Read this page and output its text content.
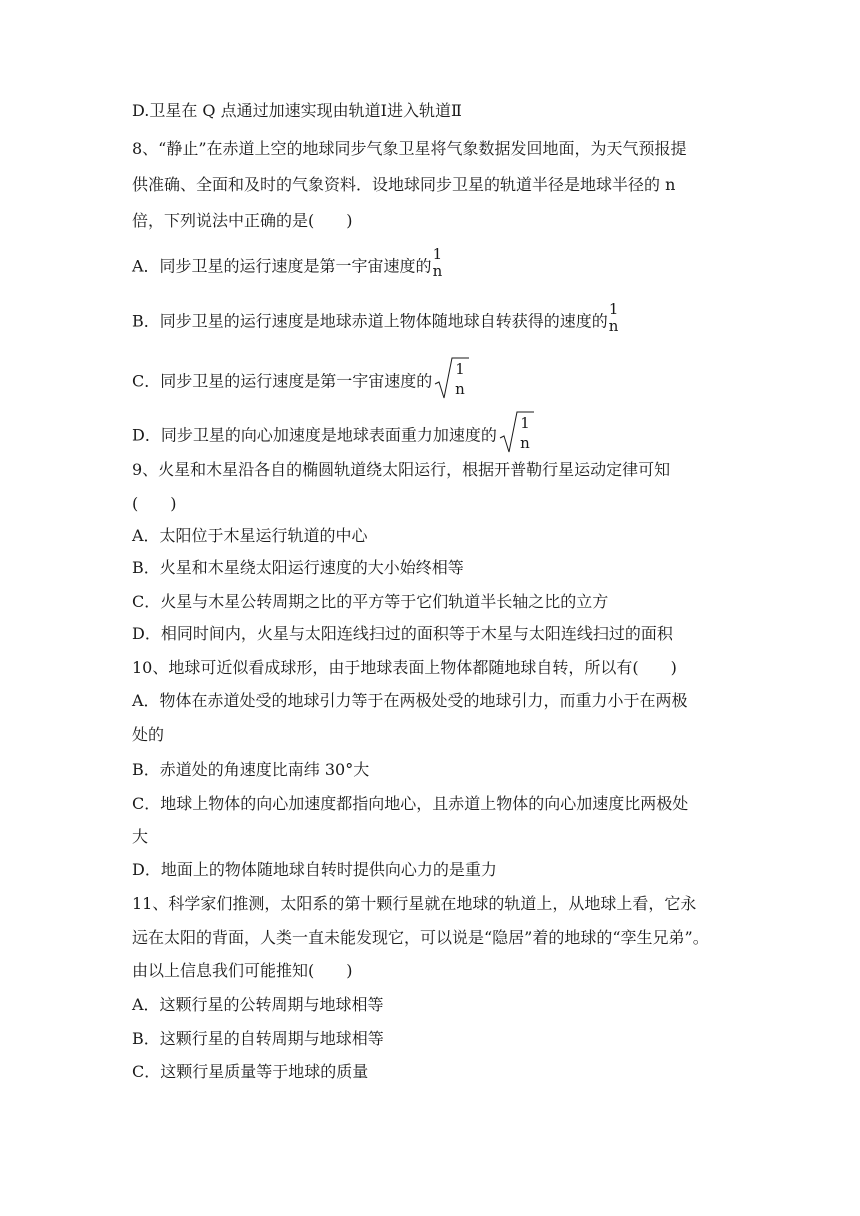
D.卫星在 Q 点通过加速实现由轨道Ⅰ进入轨道Ⅱ
8、“静止”在赤道上空的地球同步气象卫星将气象数据发回地面，为天气预报提
供准确、全面和及时的气象资料．设地球同步卫星的轨道半径是地球半径的 n
倍，下列说法中正确的是(　　)
A．同步卫星的运行速度是第一宇宙速度的
1
n
B．同步卫星的运行速度是地球赤道上物体随地球自转获得的速度的
1
n
C．同步卫星的运行速度是第一宇宙速度的
1
n
D．同步卫星的向心加速度是地球表面重力加速度的
1
n
9、火星和木星沿各自的椭圆轨道绕太阳运行，根据开普勒行星运动定律可知
(　　)
A．太阳位于木星运行轨道的中心
B．火星和木星绕太阳运行速度的大小始终相等
C．火星与木星公转周期之比的平方等于它们轨道半长轴之比的立方
D．相同时间内，火星与太阳连线扫过的面积等于木星与太阳连线扫过的面积
10、地球可近似看成球形，由于地球表面上物体都随地球自转，所以有(　　)
A．物体在赤道处受的地球引力等于在两极处受的地球引力，而重力小于在两极
处的
B．赤道处的角速度比南纬 30°大
C．地球上物体的向心加速度都指向地心，且赤道上物体的向心加速度比两极处
大
D．地面上的物体随地球自转时提供向心力的是重力
11、科学家们推测，太阳系的第十颗行星就在地球的轨道上，从地球上看，它永
远在太阳的背面，人类一直未能发现它，可以说是“隐居”着的地球的“孪生兄弟”。
由以上信息我们可能推知(　　)
A．这颗行星的公转周期与地球相等
B．这颗行星的自转周期与地球相等
C．这颗行星质量等于地球的质量
